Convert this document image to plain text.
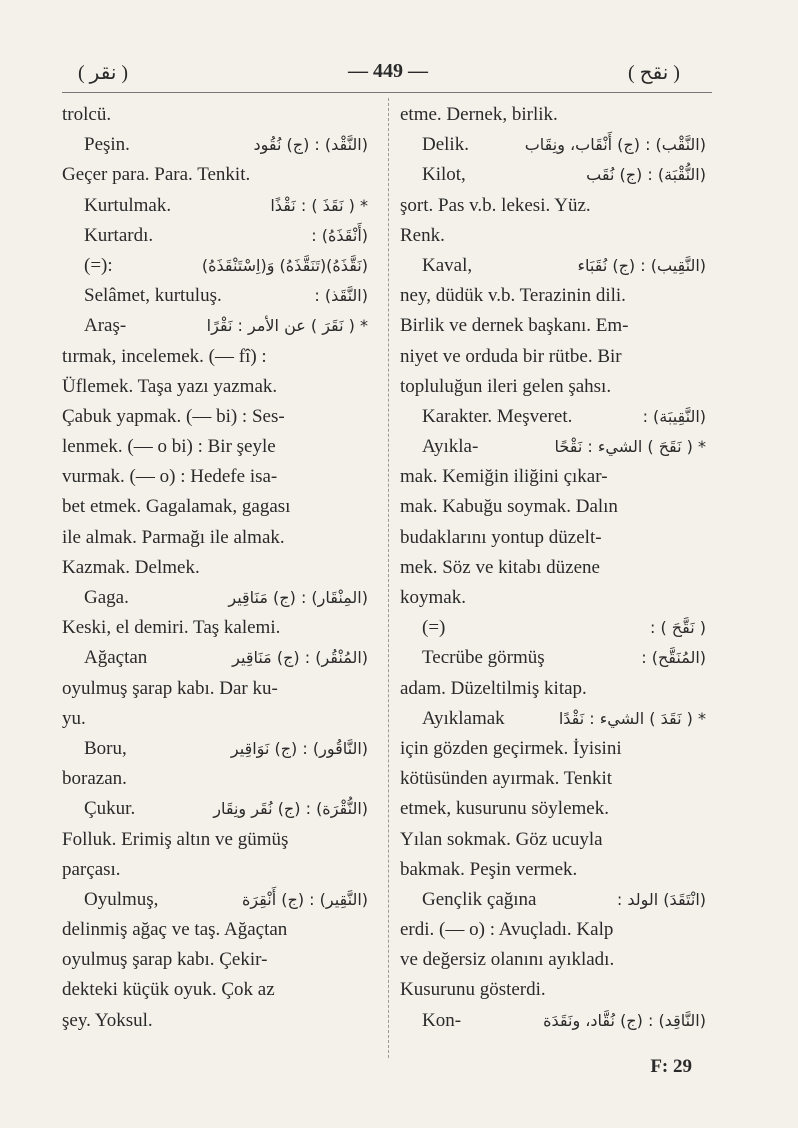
( نقر )	— 449 —	( نقح )
trolcü.
Peşin.	(النَّقْد) : (ج) نُقُود
Geçer para. Para. Tenkit.
Kurtulmak.	* ( نَقَذَ ) : نَقْذًا
Kurtardı.	(أَنْقَذَهُ) :
(=):	(نَقَّذَهُ)(تَنَقَّذَهُ) وَ(اِسْتَنْقَذَهُ)
Selâmet, kurtuluş.	(النَّقَذ) :
Araş-	* ( نَقَرَ ) عن الأمر : نَقْرًا
tırmak, incelemek. (— fî) :
Üflemek. Taşa yazı yazmak.
Çabuk yapmak. (— bi) : Ses-
lenmek. (— o bi) : Bir şeyle
vurmak. (— o) : Hedefe isa-
bet etmek. Gagalamak, gagası
ile almak. Parmağı ile almak.
Kazmak. Delmek.
Gaga.	(المِنْقَار) : (ج) مَنَاقِير
Keski, el demiri. Taş kalemi.
Ağaçtan	(المُنْقُر) : (ج) مَنَاقِير
oyulmuş şarap kabı. Dar ku-
yu.
Boru,	(النَّاقُور) : (ج) نَوَاقِير
borazan.
Çukur.	(النُّقْرَة) : (ج) نُقَر ونِقَار
Folluk. Erimiş altın ve gümüş
parçası.
Oyulmuş,	(النَّقِير) : (ج) أَنْقِرَة
delinmiş ağaç ve taş. Ağaçtan
oyulmuş şarap kabı. Çekir-
dekteki küçük oyuk. Çok az
şey. Yoksul.
etme. Dernek, birlik.
Delik.	(النَّقْب) : (ج) أَنْقَاب، ونِقَاب
Kilot,	(النُّقْبَة) : (ج) نُقَب
şort. Pas v.b. lekesi. Yüz.
Renk.
Kaval,	(النَّقِيب) : (ج) نُقَبَاء
ney, düdük v.b. Terazinin dili.
Birlik ve dernek başkanı. Em-
niyet ve orduda bir rütbe. Bir
topluluğun ileri gelen şahsı.
Karakter. Meşveret.	(النَّقِيبَة) :
Ayıkla-	* ( نَقَحَ ) الشيء : نَقْحًا
mak. Kemiğin iliğini çıkar-
mak. Kabuğu soymak. Dalın
budaklarını yontup düzelt-
mek. Söz ve kitabı düzene
koymak.
(=)	( نَقَّحَ ) :
Tecrübe görmüş	(المُنَقَّح) :
adam. Düzeltilmiş kitap.
Ayıklamak	* ( نَقَدَ ) الشيء : نَقْدًا
için gözden geçirmek. İyisini
kötüsünden ayırmak. Tenkit
etmek, kusurunu söylemek.
Yılan sokmak. Göz ucuyla
bakmak. Peşin vermek.
Gençlik çağına	(انْتَقَدَ) الولد :
erdi. (— o) : Avuçladı. Kalp
ve değersiz olanını ayıkladı.
Kusurunu gösterdi.
Kon-	(النَّاقِد) : (ج) نُقَّاد، ونَقَدَة
F: 29
